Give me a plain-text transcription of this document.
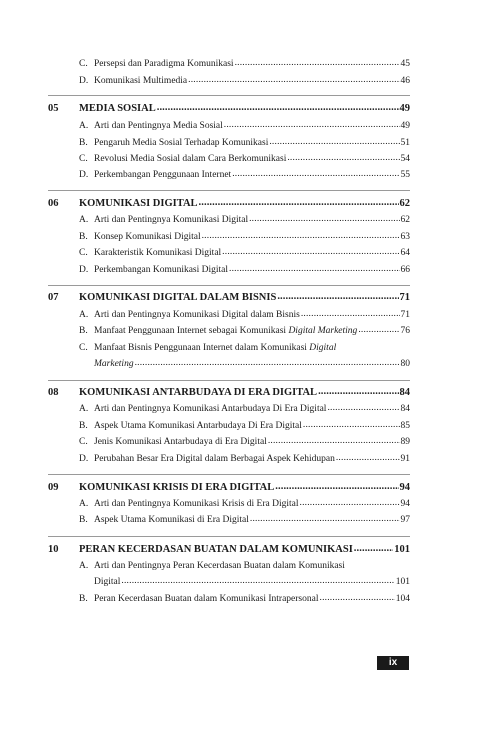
C. Persepsi dan Paradigma Komunikasi .....	45
D. Komunikasi Multimedia .....	46
05 MEDIA SOSIAL .....	49
A. Arti dan Pentingnya Media Sosial .....	49
B. Pengaruh Media Sosial Terhadap Komunikasi .....	51
C. Revolusi Media Sosial dalam Cara Berkomunikasi .....	54
D. Perkembangan Penggunaan Internet .....	55
06 KOMUNIKASI DIGITAL .....	62
A. Arti dan Pentingnya Komunikasi Digital .....	62
B. Konsep Komunikasi Digital .....	63
C. Karakteristik Komunikasi Digital .....	64
D. Perkembangan Komunikasi Digital .....	66
07 KOMUNIKASI DIGITAL DALAM BISNIS .....	71
A. Arti dan Pentingnya Komunikasi Digital dalam Bisnis .....	71
B. Manfaat Penggunaan Internet sebagai Komunikasi Digital Marketing .....	76
C. Manfaat Bisnis Penggunaan Internet dalam Komunikasi Digital
Marketing .....	80
08 KOMUNIKASI ANTARBUDAYA DI ERA DIGITAL .....	84
A. Arti dan Pentingnya Komunikasi Antarbudaya Di Era Digital .....	84
B. Aspek Utama Komunikasi Antarbudaya Di Era Digital .....	85
C. Jenis Komunikasi Antarbudaya di Era Digital .....	89
D. Perubahan Besar Era Digital dalam Berbagai Aspek Kehidupan .....	91
09 KOMUNIKASI KRISIS DI ERA DIGITAL .....	94
A. Arti dan Pentingnya Komunikasi Krisis di Era Digital .....	94
B. Aspek Utama Komunikasi di Era Digital .....	97
10 PERAN KECERDASAN BUATAN DALAM KOMUNIKASI .....	101
A. Arti dan Pentingnya Peran Kecerdasan Buatan dalam Komunikasi
Digital .....	101
B. Peran Kecerdasan Buatan dalam Komunikasi Intrapersonal .....	104
ix
